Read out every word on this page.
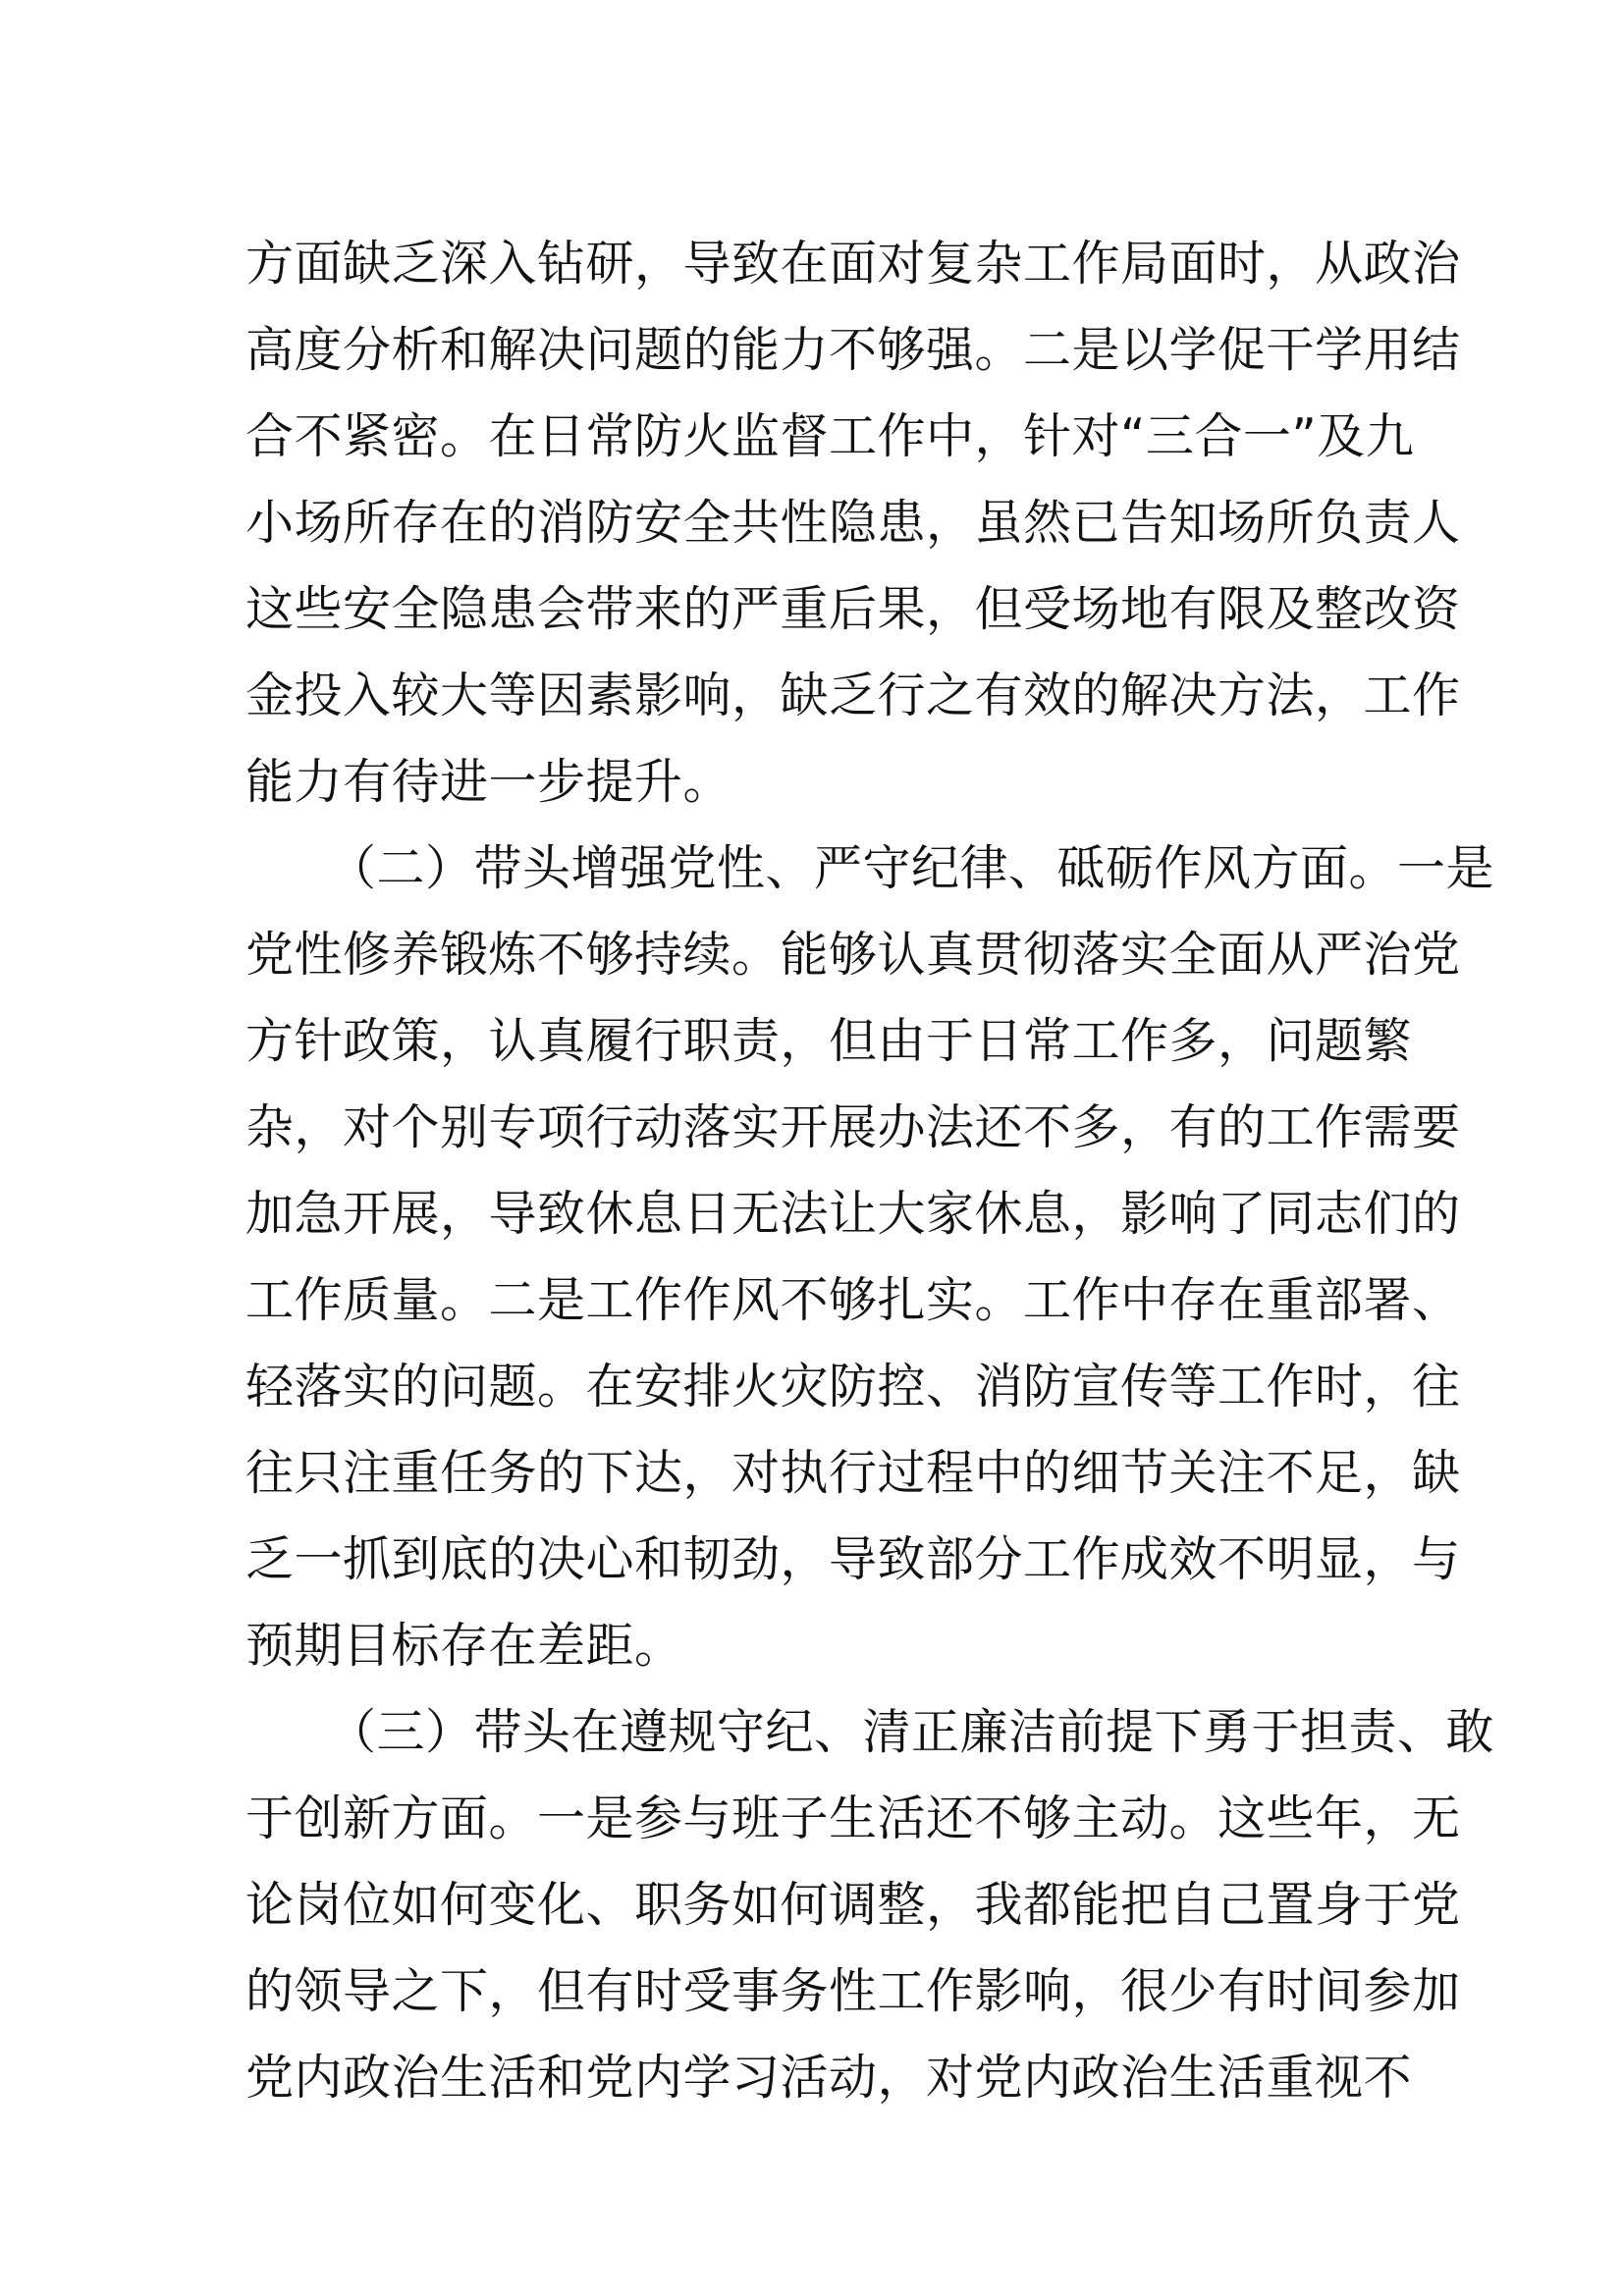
方面缺乏深入钻研，导致在面对复杂工作局面时，从政治
高度分析和解决问题的能力不够强。二是以学促干学用结
合不紧密。在日常防火监督工作中，针对“三合一”及九
小场所存在的消防安全共性隐患，虽然已告知场所负责人
这些安全隐患会带来的严重后果，但受场地有限及整改资
金投入较大等因素影响，缺乏行之有效的解决方法，工作
能力有待进一步提升。
（二）带头增强党性、严守纪律、砥砺作风方面。一是
党性修养锻炼不够持续。能够认真贯彻落实全面从严治党
方针政策，认真履行职责，但由于日常工作多，问题繁
杂，对个别专项行动落实开展办法还不多，有的工作需要
加急开展，导致休息日无法让大家休息，影响了同志们的
工作质量。二是工作作风不够扎实。工作中存在重部署、
轻落实的问题。在安排火灾防控、消防宣传等工作时，往
往只注重任务的下达，对执行过程中的细节关注不足，缺
乏一抓到底的决心和韧劲，导致部分工作成效不明显，与
预期目标存在差距。
（三）带头在遵规守纪、清正廉洁前提下勇于担责、敢
于创新方面。一是参与班子生活还不够主动。这些年，无
论岗位如何变化、职务如何调整，我都能把自己置身于党
的领导之下，但有时受事务性工作影响，很少有时间参加
党内政治生活和党内学习活动，对党内政治生活重视不
